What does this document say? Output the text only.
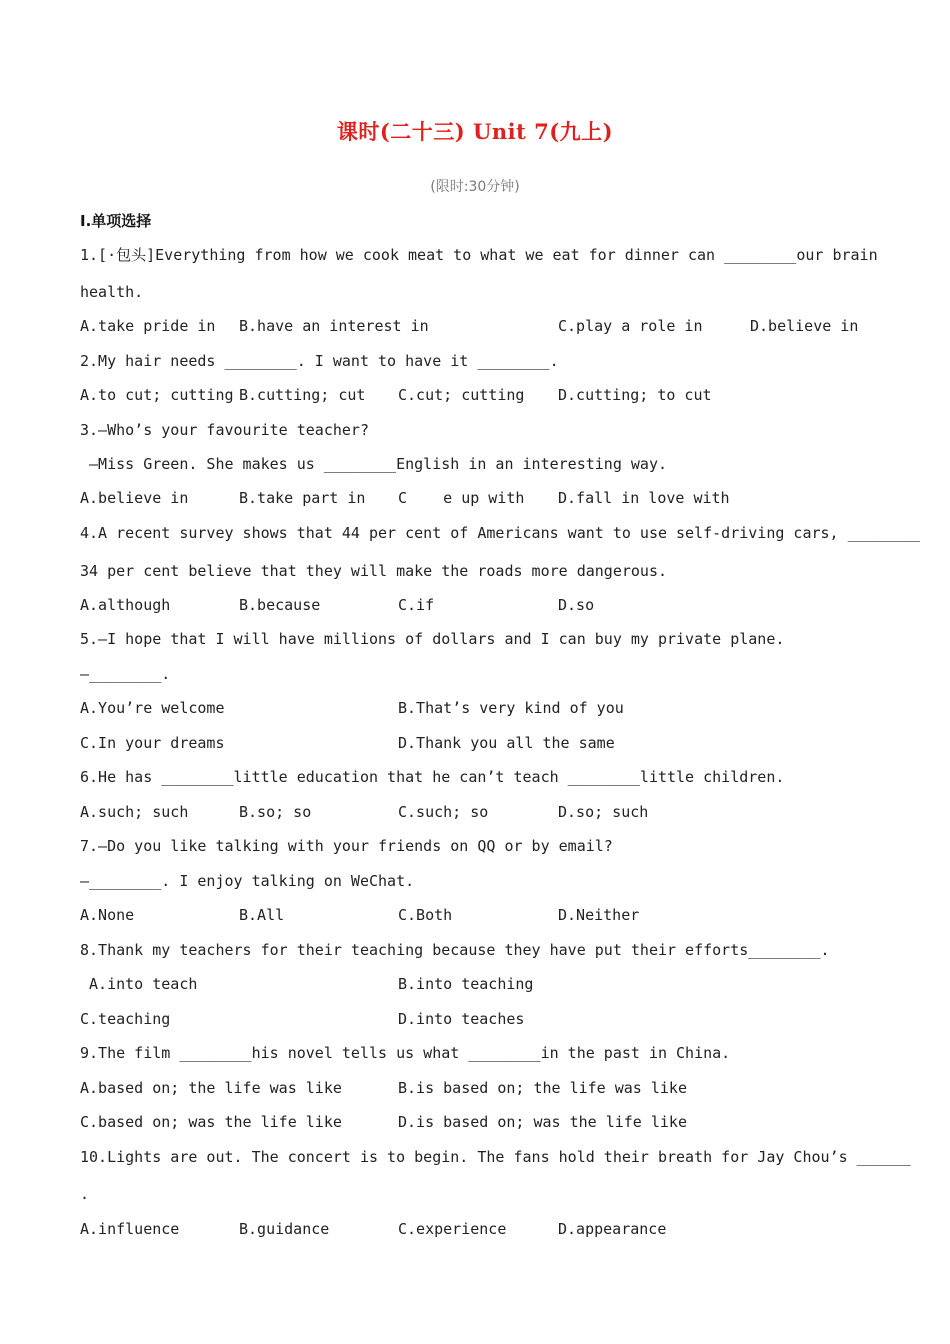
课时(二十三) Unit 7(九上)
(限时:30分钟)
Ⅰ.单项选择
1.[·包头]Everything from how we cook meat to what we eat for dinner can ________our brain
health.
A.take pride in B.have an interest in	C.play a role in	D.believe in
2.My hair needs ________. I want to have it ________.
A.to cut; cutting B.cutting; cut C.cut; cutting D.cutting; to cut
3.—Who’s your favourite teacher?
—Miss Green. She makes us ________English in an interesting way.
A.believe in	B.take part in C    e up with D.fall in love with
4.A recent survey shows that 44 per cent of Americans want to use self-driving cars, ________
34 per cent believe that they will make the roads more dangerous.
A.although	B.because	C.if	D.so
5.—I hope that I will have millions of dollars and I can buy my private plane.
—________.
A.You’re welcome	B.That’s very kind of you
C.In your dreams	D.Thank you all the same
6.He has ________little education that he can’t teach ________little children.
A.such; such	B.so; so	C.such; so	D.so; such
7.—Do you like talking with your friends on QQ or by email?
—________. I enjoy talking on WeChat.
A.None	B.All	C.Both	D.Neither
8.Thank my teachers for their teaching because they have put their efforts________.
A.into teach	B.into teaching
C.teaching	D.into teaches
9.The film ________his novel tells us what ________in the past in China.
A.based on; the life was like	B.is based on; the life was like
C.based on; was the life like	D.is based on; was the life like
10.Lights are out. The concert is to begin. The fans hold their breath for Jay Chou’s ______
.
A.influence	B.guidance	C.experience	D.appearance
